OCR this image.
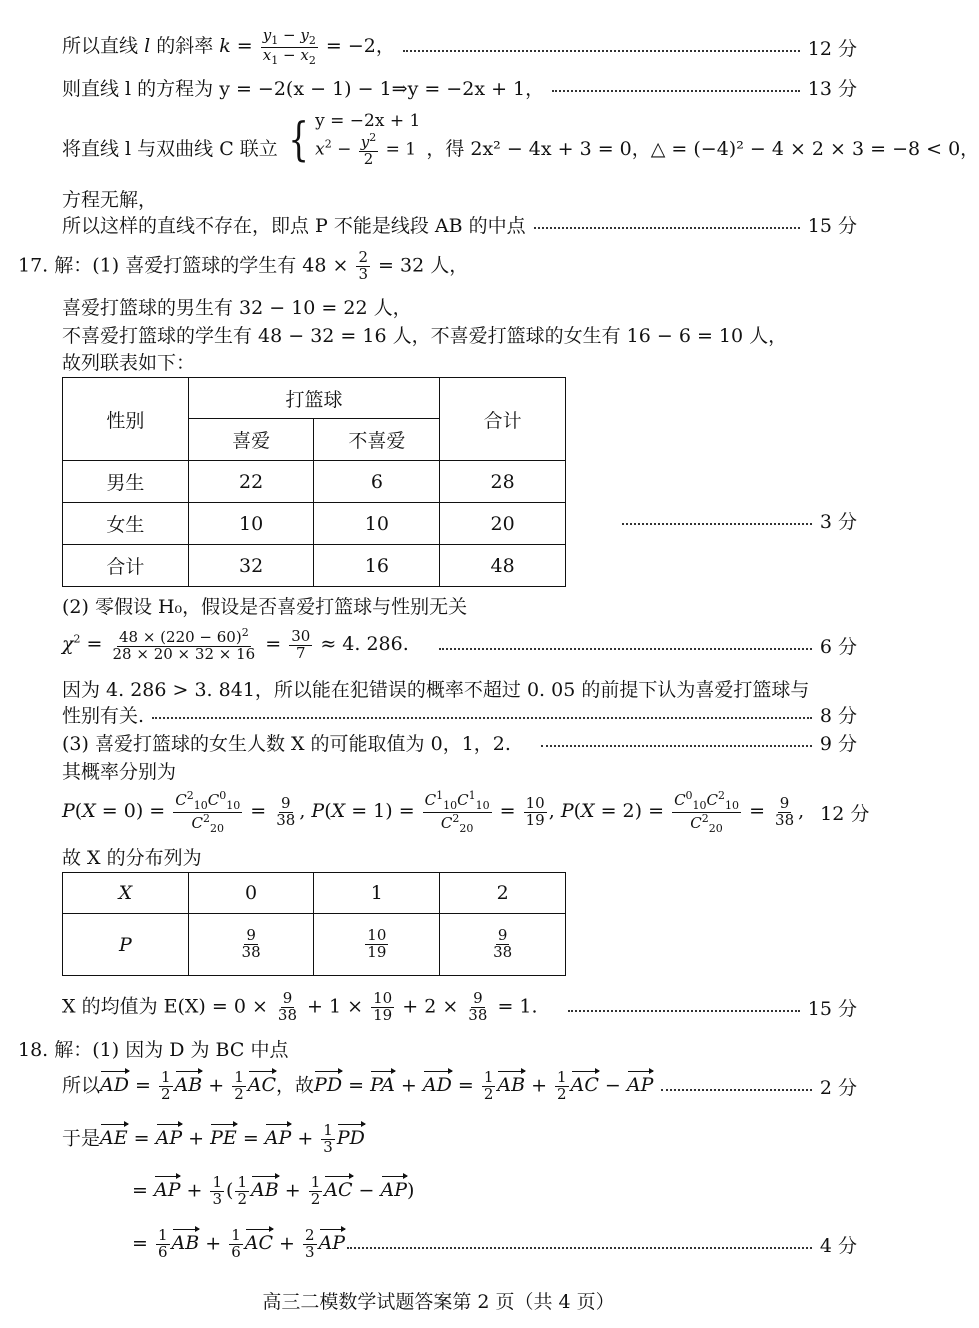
所以直线 l 的斜率 $k = \frac{y_1 - y_2}{x_1 - x_2} = -2$，	12 分
则直线 l 的方程为 y = −2(x − 1) − 1⇒y = −2x + 1，	13 分
将直线 l 与双曲线 C 联立 { y = −2x + 1
$x^2 - \frac{y^2}{2} = 1$ ，得 2x² − 4x + 3 = 0，△ = (−4)² − 4 × 2 × 3 = −8 < 0，
方程无解，
所以这样的直线不存在，即点 P 不能是线段 AB 的中点	15 分
17. 解：(1) 喜爱打篮球的学生有 $48 \times \frac{2}{3} = 32$ 人，
喜爱打篮球的男生有 32 − 10 = 22 人，
不喜爱打篮球的学生有 48 − 32 = 16 人，不喜爱打篮球的女生有 16 − 6 = 10 人，
故列联表如下：
性别	打篮球		合计
	喜爱	不喜爱	
男生	22	6	28
女生	10	10	20
合计	32	16	48
3 分
(2) 零假设 H₀，假设是否喜爱打篮球与性别无关
$\chi^2 = \frac{48 \times (220 - 60)^2}{28 \times 20 \times 32 \times 16} = \frac{30}{7} \approx 4$. 286.	6 分
因为 4. 286 > 3. 841，所以能在犯错误的概率不超过 0. 05 的前提下认为喜爱打篮球与
性别有关.	8 分
(3) 喜爱打篮球的女生人数 X 的可能取值为 0，1，2.	9 分
其概率分别为
$P(X = 0) = \frac{C^2_{10}C^0_{10}}{C^2_{20}} = \frac{9}{38}$ , $P(X = 1) = \frac{C^1_{10}C^1_{10}}{C^2_{20}} = \frac{10}{19}$ , $P(X = 2) = \frac{C^0_{10}C^2_{10}}{C^2_{20}} = \frac{9}{38}$ , 12 分
故 X 的分布列为
X	0	1	2
P	$\frac{9}{38}$	$\frac{10}{19}$	$\frac{9}{38}$
X 的均值为 $E(X) = 0 \times \frac{9}{38} + 1 \times \frac{10}{19} + 2 \times \frac{9}{38} = 1$.	15 分
18. 解：(1) 因为 D 为 BC 中点
所以AD = $\frac{1}{2}$ AB + $\frac{1}{2}$ AC，故PD = PA + AD = $\frac{1}{2}$ AB + $\frac{1}{2}$ AC − AP	2 分
于是AE = AP + PE = AP + $\frac{1}{3}$ PD
= AP + $\frac{1}{3}$ ( $\frac{1}{2}$ AB + $\frac{1}{2}$ AC − AP)
= $\frac{1}{6}$ AB + $\frac{1}{6}$ AC + $\frac{2}{3}$ AP	4 分
高三二模数学试题答案第 2 页（共 4 页）
